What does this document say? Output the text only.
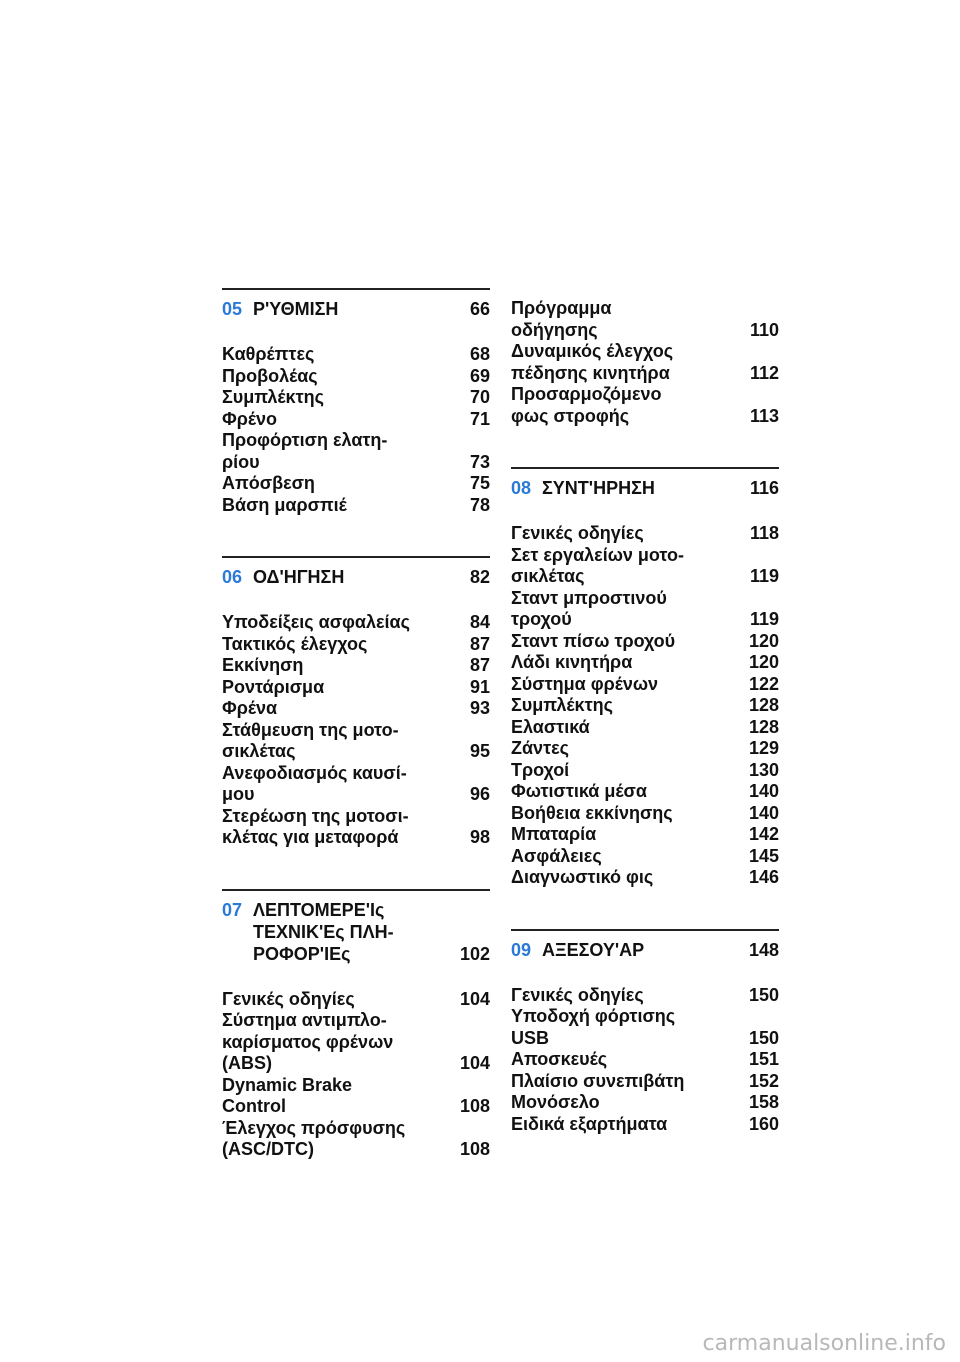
05 Ρ'ΥΘΜΙΣΗ	66
Καθρέπτες	68
Προβολέας	69
Συμπλέκτης	70
Φρένο	71
Προφόρτιση ελατη-
ρίου	73
Απόσβεση	75
Βάση μαρσπιέ	78
06 ΟΔ'ΗΓΗΣΗ	82
Υποδείξεις ασφαλείας	84
Τακτικός έλεγχος	87
Εκκίνηση	87
Ροντάρισμα	91
Φρένα	93
Στάθμευση της μοτο-
σικλέτας	95
Ανεφοδιασμός καυσί-
μου	96
Στερέωση της μοτοσι-
κλέτας για μεταφορά	98
07 ΛΕΠΤΟΜΕΡΕ'Ις
ΤΕΧΝΙΚ'Ες ΠΛΗ-
ΡΟΦΟΡ'ΙΕς	102
Γενικές οδηγίες	104
Σύστημα αντιμπλο-
καρίσματος φρένων
(ABS)	104
Dynamic Brake
Control	108
Έλεγχος πρόσφυσης
(ASC/DTC)	108
Πρόγραμμα
οδήγησης	110
Δυναμικός έλεγχος
πέδησης κινητήρα	112
Προσαρμοζόμενο
φως στροφής	113
08 ΣΥΝΤ'ΗΡΗΣΗ	116
Γενικές οδηγίες	118
Σετ εργαλείων μοτο-
σικλέτας	119
Σταντ μπροστινού
τροχού	119
Σταντ πίσω τροχού	120
Λάδι κινητήρα	120
Σύστημα φρένων	122
Συμπλέκτης	128
Ελαστικά	128
Ζάντες	129
Τροχοί	130
Φωτιστικά μέσα	140
Βοήθεια εκκίνησης	140
Μπαταρία	142
Ασφάλειες	145
Διαγνωστικό φις	146
09 ΑΞΕΣΟΥ'ΑΡ	148
Γενικές οδηγίες	150
Υποδοχή φόρτισης
USB	150
Αποσκευές	151
Πλαίσιο συνεπιβάτη	152
Μονόσελο	158
Ειδικά εξαρτήματα	160
carmanualsonline.info
